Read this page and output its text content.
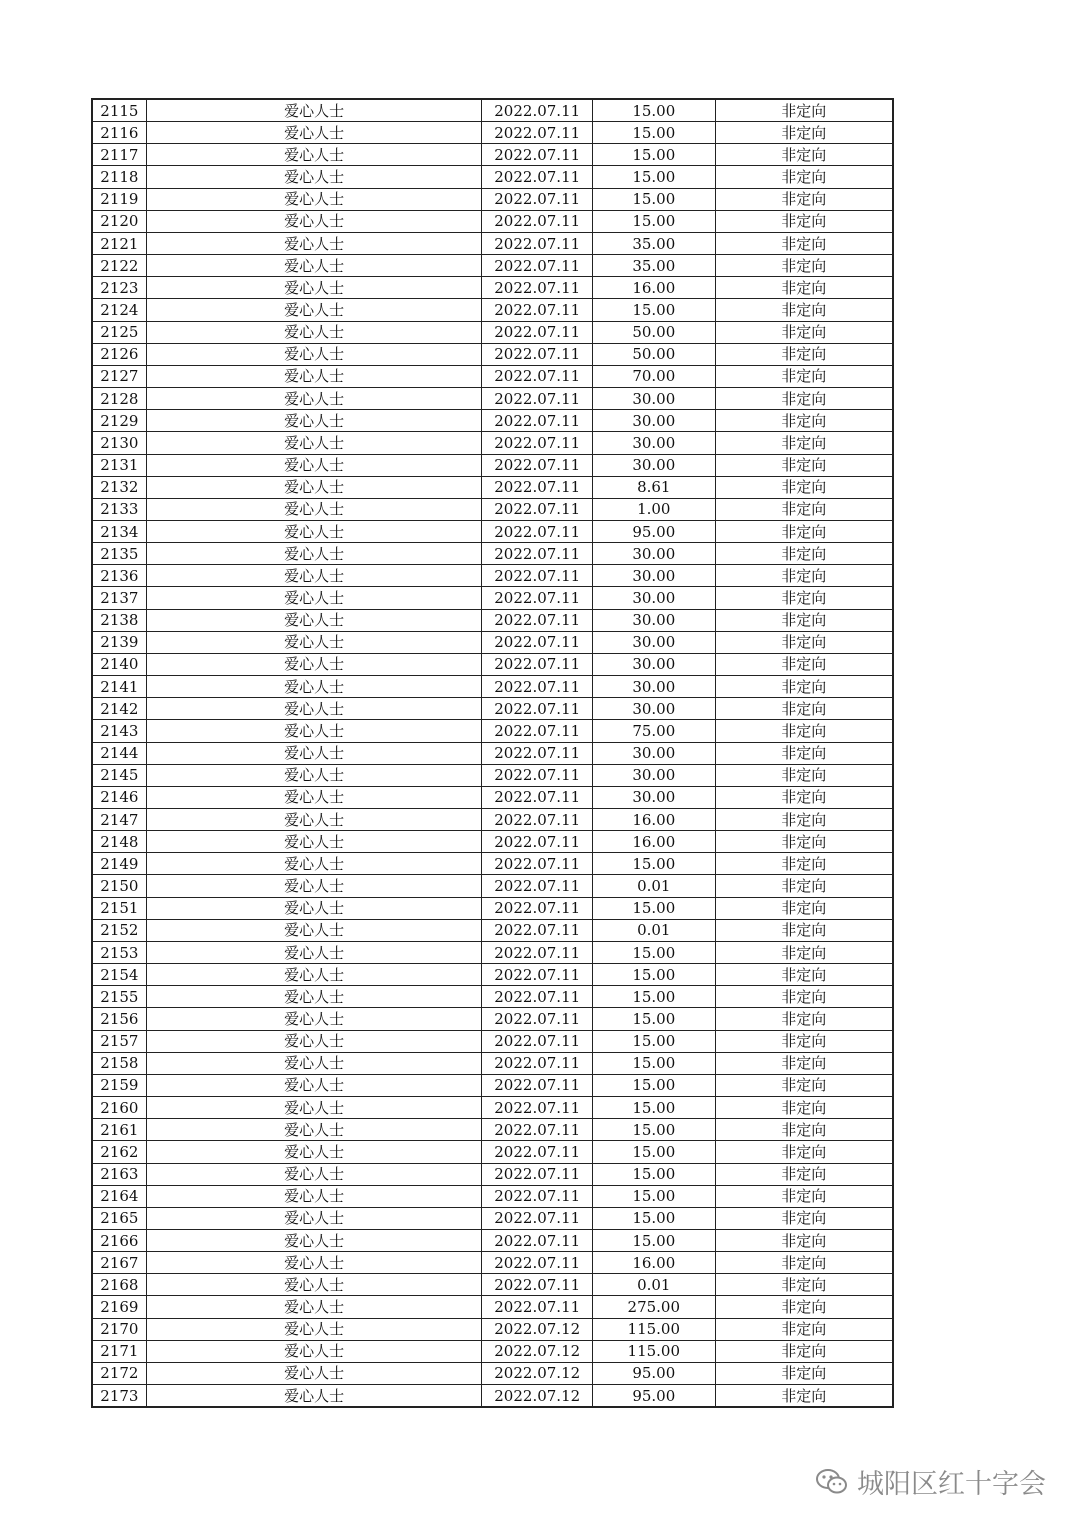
2115	爱心人士	2022.07.11	15.00	非定向
2116	爱心人士	2022.07.11	15.00	非定向
2117	爱心人士	2022.07.11	15.00	非定向
2118	爱心人士	2022.07.11	15.00	非定向
2119	爱心人士	2022.07.11	15.00	非定向
2120	爱心人士	2022.07.11	15.00	非定向
2121	爱心人士	2022.07.11	35.00	非定向
2122	爱心人士	2022.07.11	35.00	非定向
2123	爱心人士	2022.07.11	16.00	非定向
2124	爱心人士	2022.07.11	15.00	非定向
2125	爱心人士	2022.07.11	50.00	非定向
2126	爱心人士	2022.07.11	50.00	非定向
2127	爱心人士	2022.07.11	70.00	非定向
2128	爱心人士	2022.07.11	30.00	非定向
2129	爱心人士	2022.07.11	30.00	非定向
2130	爱心人士	2022.07.11	30.00	非定向
2131	爱心人士	2022.07.11	30.00	非定向
2132	爱心人士	2022.07.11	8.61	非定向
2133	爱心人士	2022.07.11	1.00	非定向
2134	爱心人士	2022.07.11	95.00	非定向
2135	爱心人士	2022.07.11	30.00	非定向
2136	爱心人士	2022.07.11	30.00	非定向
2137	爱心人士	2022.07.11	30.00	非定向
2138	爱心人士	2022.07.11	30.00	非定向
2139	爱心人士	2022.07.11	30.00	非定向
2140	爱心人士	2022.07.11	30.00	非定向
2141	爱心人士	2022.07.11	30.00	非定向
2142	爱心人士	2022.07.11	30.00	非定向
2143	爱心人士	2022.07.11	75.00	非定向
2144	爱心人士	2022.07.11	30.00	非定向
2145	爱心人士	2022.07.11	30.00	非定向
2146	爱心人士	2022.07.11	30.00	非定向
2147	爱心人士	2022.07.11	16.00	非定向
2148	爱心人士	2022.07.11	16.00	非定向
2149	爱心人士	2022.07.11	15.00	非定向
2150	爱心人士	2022.07.11	0.01	非定向
2151	爱心人士	2022.07.11	15.00	非定向
2152	爱心人士	2022.07.11	0.01	非定向
2153	爱心人士	2022.07.11	15.00	非定向
2154	爱心人士	2022.07.11	15.00	非定向
2155	爱心人士	2022.07.11	15.00	非定向
2156	爱心人士	2022.07.11	15.00	非定向
2157	爱心人士	2022.07.11	15.00	非定向
2158	爱心人士	2022.07.11	15.00	非定向
2159	爱心人士	2022.07.11	15.00	非定向
2160	爱心人士	2022.07.11	15.00	非定向
2161	爱心人士	2022.07.11	15.00	非定向
2162	爱心人士	2022.07.11	15.00	非定向
2163	爱心人士	2022.07.11	15.00	非定向
2164	爱心人士	2022.07.11	15.00	非定向
2165	爱心人士	2022.07.11	15.00	非定向
2166	爱心人士	2022.07.11	15.00	非定向
2167	爱心人士	2022.07.11	16.00	非定向
2168	爱心人士	2022.07.11	0.01	非定向
2169	爱心人士	2022.07.11	275.00	非定向
2170	爱心人士	2022.07.12	115.00	非定向
2171	爱心人士	2022.07.12	115.00	非定向
2172	爱心人士	2022.07.12	95.00	非定向
2173	爱心人士	2022.07.12	95.00	非定向
城阳区红十字会
